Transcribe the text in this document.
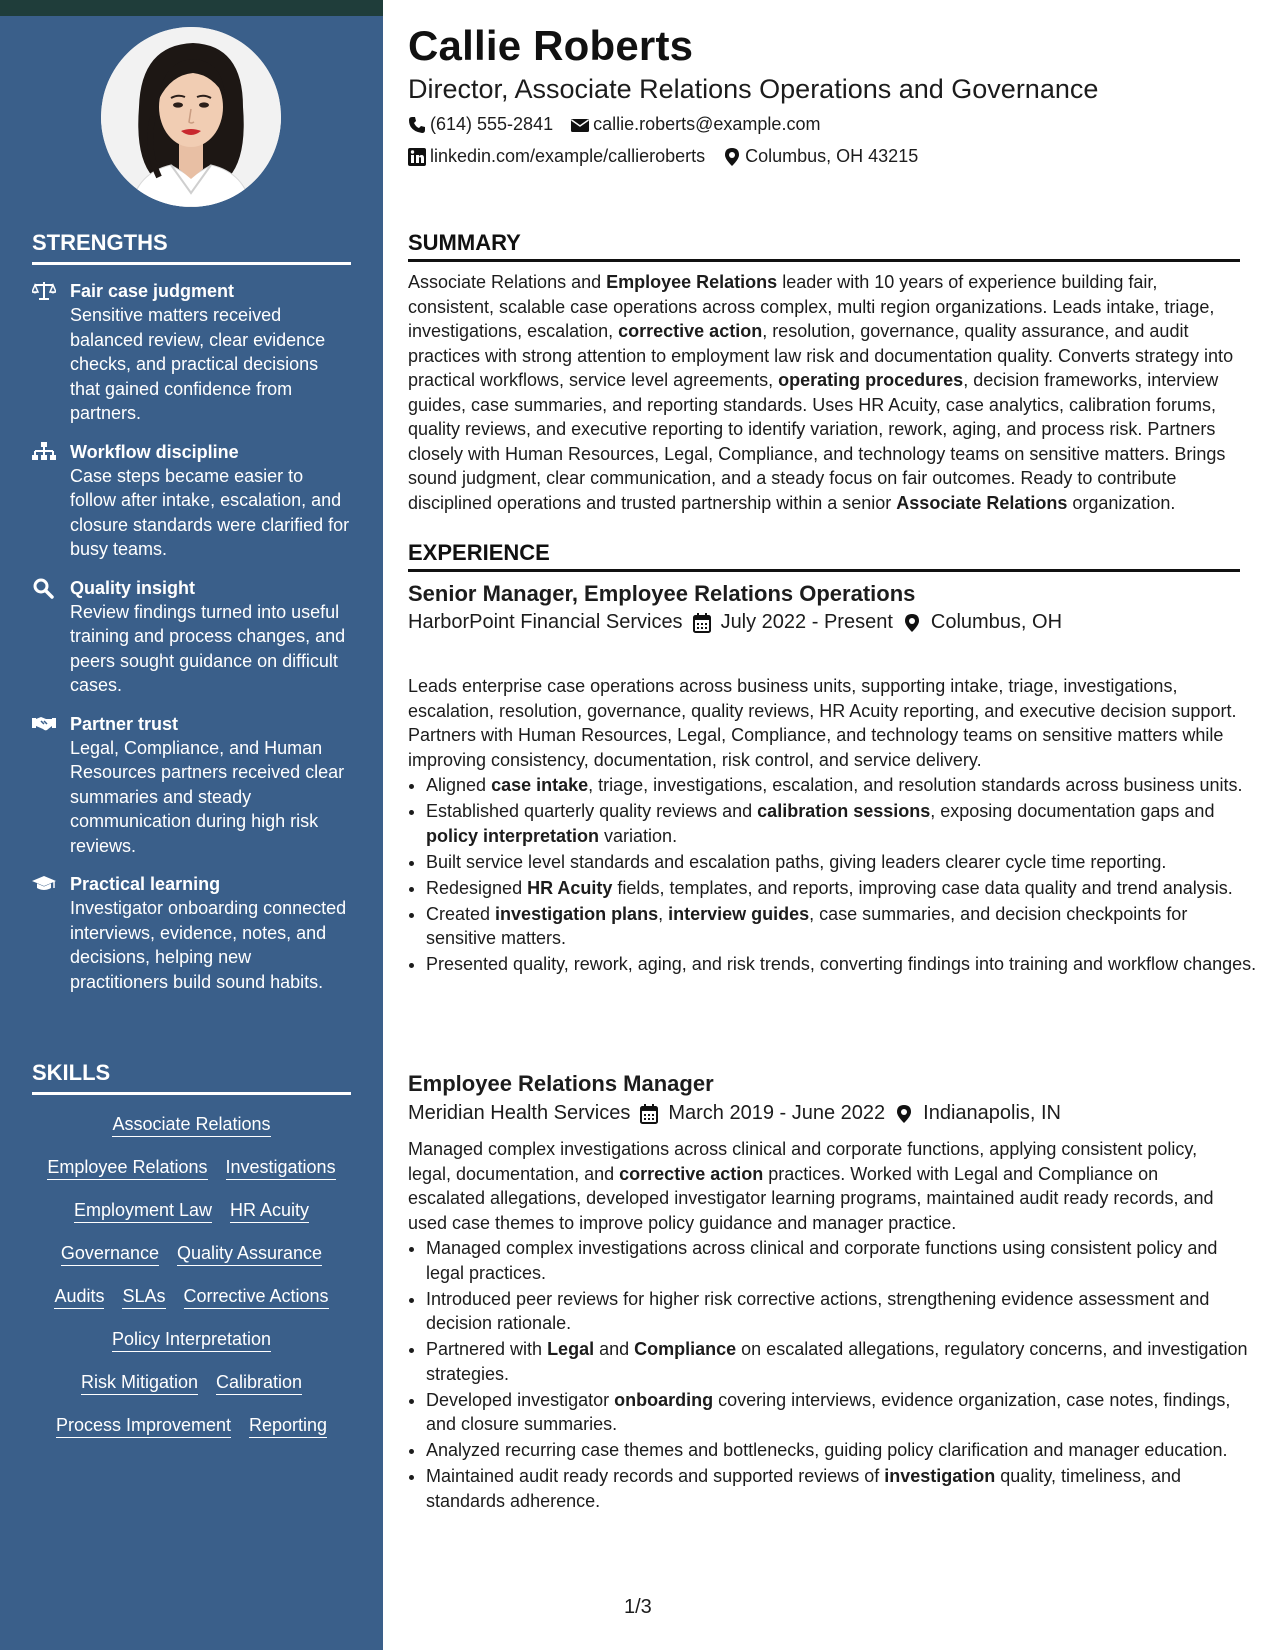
STRENGTHS
Fair case judgment
Sensitive matters received balanced review, clear evidence checks, and practical decisions that gained confidence from partners.
Workflow discipline
Case steps became easier to follow after intake, escalation, and closure standards were clarified for busy teams.
Quality insight
Review findings turned into useful training and process changes, and peers sought guidance on difficult cases.
Partner trust
Legal, Compliance, and Human Resources partners received clear summaries and steady communication during high risk reviews.
Practical learning
Investigator onboarding connected interviews, evidence, notes, and decisions, helping new practitioners build sound habits.
SKILLS
Associate Relations
Employee Relations Investigations
Employment Law HR Acuity
Governance Quality Assurance
Audits SLAs Corrective Actions
Policy Interpretation
Risk Mitigation Calibration
Process Improvement Reporting
Callie Roberts
Director, Associate Relations Operations and Governance
(614) 555-2841 callie.roberts@example.com
linkedin.com/example/callieroberts Columbus, OH 43215
SUMMARY
Associate Relations and Employee Relations leader with 10 years of experience building fair, consistent, scalable case operations across complex, multi region organizations. Leads intake, triage, investigations, escalation, corrective action, resolution, governance, quality assurance, and audit practices with strong attention to employment law risk and documentation quality. Converts strategy into practical workflows, service level agreements, operating procedures, decision frameworks, interview guides, case summaries, and reporting standards. Uses HR Acuity, case analytics, calibration forums, quality reviews, and executive reporting to identify variation, rework, aging, and process risk. Partners closely with Human Resources, Legal, Compliance, and technology teams on sensitive matters. Brings sound judgment, clear communication, and a steady focus on fair outcomes. Ready to contribute disciplined operations and trusted partnership within a senior Associate Relations organization.
EXPERIENCE
Senior Manager, Employee Relations Operations
HarborPoint Financial Services July 2022 - Present Columbus, OH
Leads enterprise case operations across business units, supporting intake, triage, investigations, escalation, resolution, governance, quality reviews, HR Acuity reporting, and executive decision support. Partners with Human Resources, Legal, Compliance, and technology teams on sensitive matters while improving consistency, documentation, risk control, and service delivery.
• Aligned case intake, triage, investigations, escalation, and resolution standards across business units.
• Established quarterly quality reviews and calibration sessions, exposing documentation gaps and policy interpretation variation.
• Built service level standards and escalation paths, giving leaders clearer cycle time reporting.
• Redesigned HR Acuity fields, templates, and reports, improving case data quality and trend analysis.
• Created investigation plans, interview guides, case summaries, and decision checkpoints for sensitive matters.
• Presented quality, rework, aging, and risk trends, converting findings into training and workflow changes.
Employee Relations Manager
Meridian Health Services March 2019 - June 2022 Indianapolis, IN
Managed complex investigations across clinical and corporate functions, applying consistent policy, legal, documentation, and corrective action practices. Worked with Legal and Compliance on escalated allegations, developed investigator learning programs, maintained audit ready records, and used case themes to improve policy guidance and manager practice.
• Managed complex investigations across clinical and corporate functions using consistent policy and legal practices.
• Introduced peer reviews for higher risk corrective actions, strengthening evidence assessment and decision rationale.
• Partnered with Legal and Compliance on escalated allegations, regulatory concerns, and investigation strategies.
• Developed investigator onboarding covering interviews, evidence organization, case notes, findings, and closure summaries.
• Analyzed recurring case themes and bottlenecks, guiding policy clarification and manager education.
• Maintained audit ready records and supported reviews of investigation quality, timeliness, and standards adherence.
1/3
